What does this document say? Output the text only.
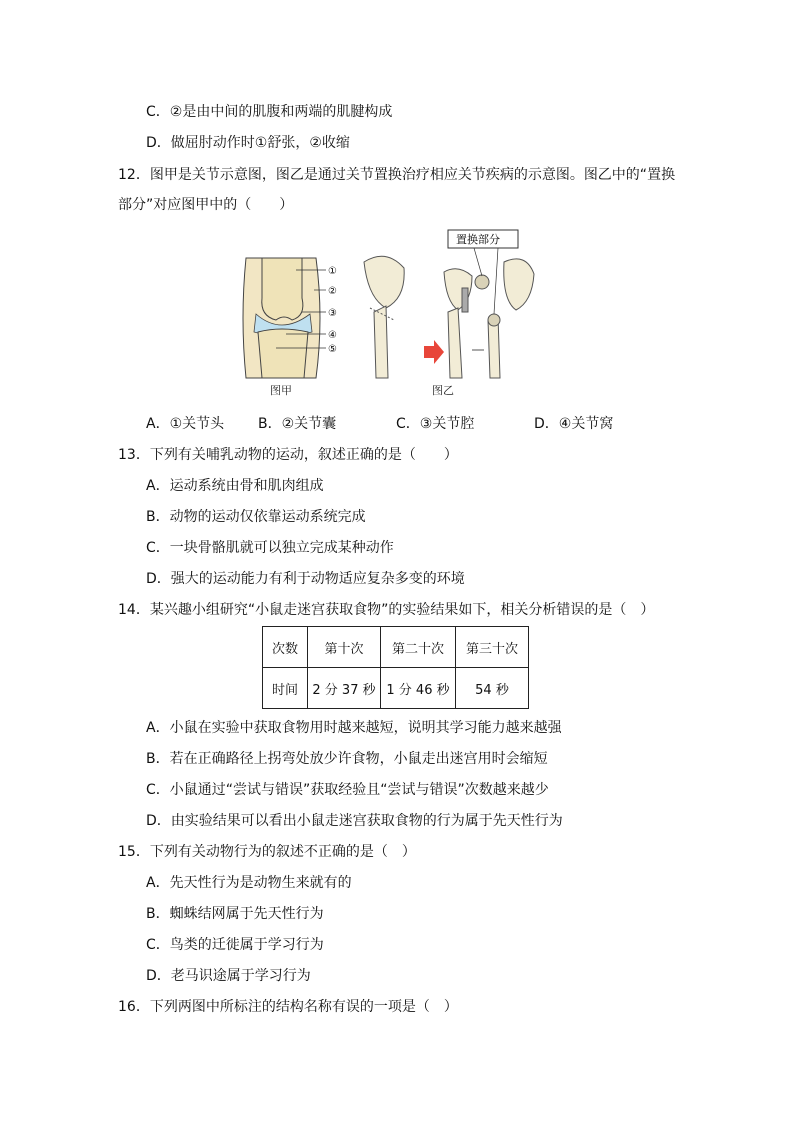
C．②是由中间的肌腹和两端的肌腱构成
D．做屈肘动作时①舒张，②收缩
12．图甲是关节示意图，图乙是通过关节置换治疗相应关节疾病的示意图。图乙中的“置换
部分”对应图甲中的（　　）
①
②
③
④
⑤
置换部分
图甲	图乙
A．①关节头 B．②关节囊	C．③关节腔	D．④关节窝
13．下列有关哺乳动物的运动，叙述正确的是（　　）
A．运动系统由骨和肌肉组成
B．动物的运动仅依靠运动系统完成
C．一块骨骼肌就可以独立完成某种动作
D．强大的运动能力有利于动物适应复杂多变的环境
14．某兴趣小组研究“小鼠走迷宫获取食物”的实验结果如下，相关分析错误的是（　）
次数	第十次	第二十次	第三十次
时间	2 分 37 秒	1 分 46 秒	54 秒
A．小鼠在实验中获取食物用时越来越短，说明其学习能力越来越强
B．若在正确路径上拐弯处放少许食物，小鼠走出迷宫用时会缩短
C．小鼠通过“尝试与错误”获取经验且“尝试与错误”次数越来越少
D．由实验结果可以看出小鼠走迷宫获取食物的行为属于先天性行为
15．下列有关动物行为的叙述不正确的是（　）
A．先天性行为是动物生来就有的
B．蜘蛛结网属于先天性行为
C．鸟类的迁徙属于学习行为
D．老马识途属于学习行为
16．下列两图中所标注的结构名称有误的一项是（　）
